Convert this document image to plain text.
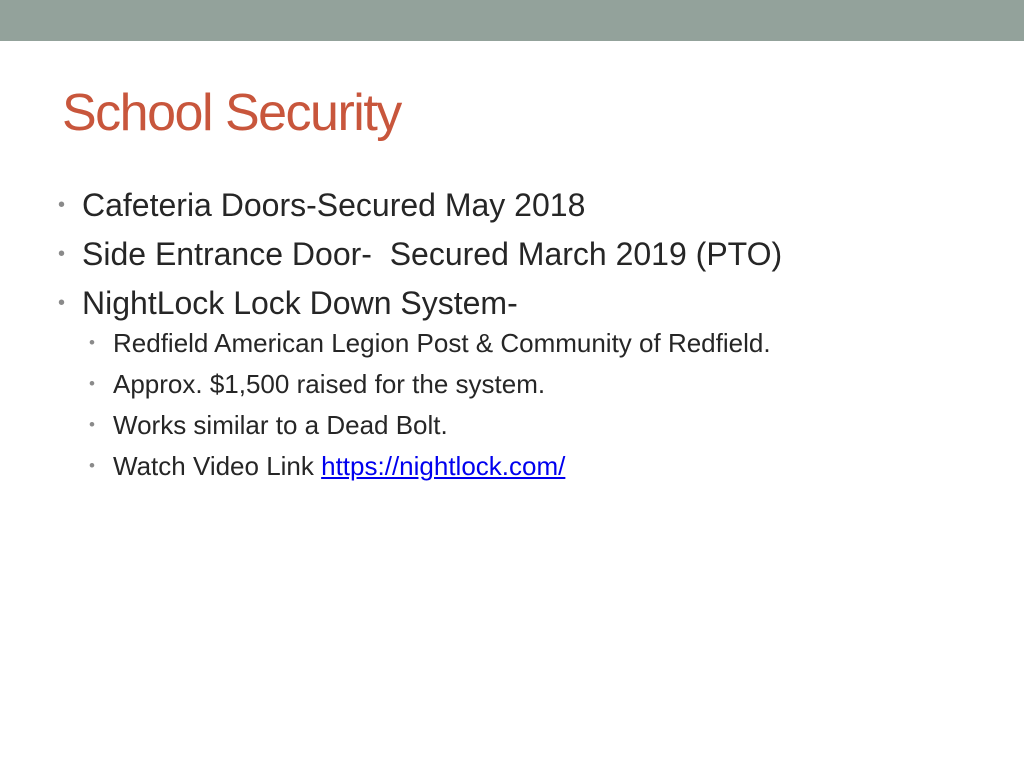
School Security
• Cafeteria Doors-Secured May 2018
• Side Entrance Door-  Secured March 2019 (PTO)
• NightLock Lock Down System-
• Redfield American Legion Post & Community of Redfield.
• Approx. $1,500 raised for the system.
• Works similar to a Dead Bolt.
• Watch Video Link https://nightlock.com/
